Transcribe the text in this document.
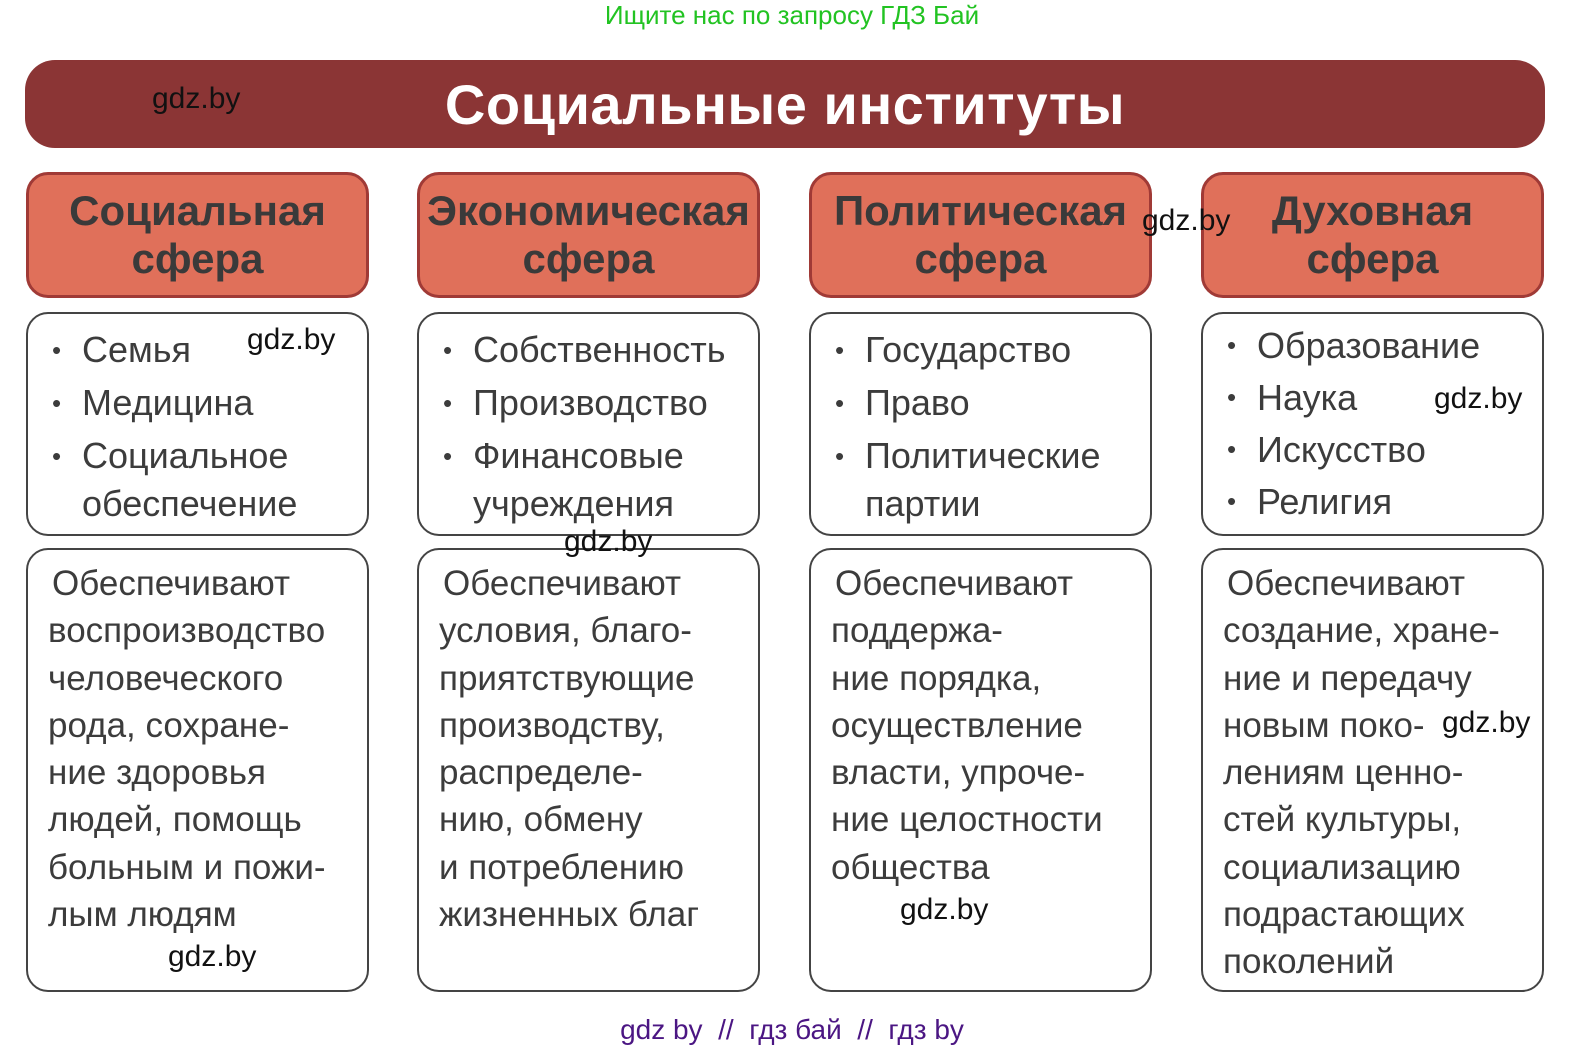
Ищите нас по запросу ГДЗ Бай
Социальные институты
Социальная
сфера
• Семья
• Медицина
• Социальное обеспечение
Обеспечивают
воспроизводство
человеческого
рода, сохране-
ние здоровья
людей, помощь
больным и пожи-
лым людям
Экономическая
сфера
• Собственность
• Производство
• Финансовые учреждения
Обеспечивают
условия, благо-
приятствующие
производству,
распределе-
нию, обмену
и потреблению
жизненных благ
Политическая
сфера
• Государство
• Право
• Политические партии
Обеспечивают
поддержа-
ние порядка,
осуществление
власти, упроче-
ние целостности
общества
Духовная
сфера
• Образование
• Наука
• Искусство
• Религия
Обеспечивают
создание, хране-
ние и передачу
новым поко-
лениям ценно-
стей культуры,
социализацию
подрастающих
поколений
gdz.by
gdz.by
gdz.by
gdz.by
gdz.by
gdz.by
gdz.by
gdz.by
gdz by  //  гдз бай  //  гдз by
